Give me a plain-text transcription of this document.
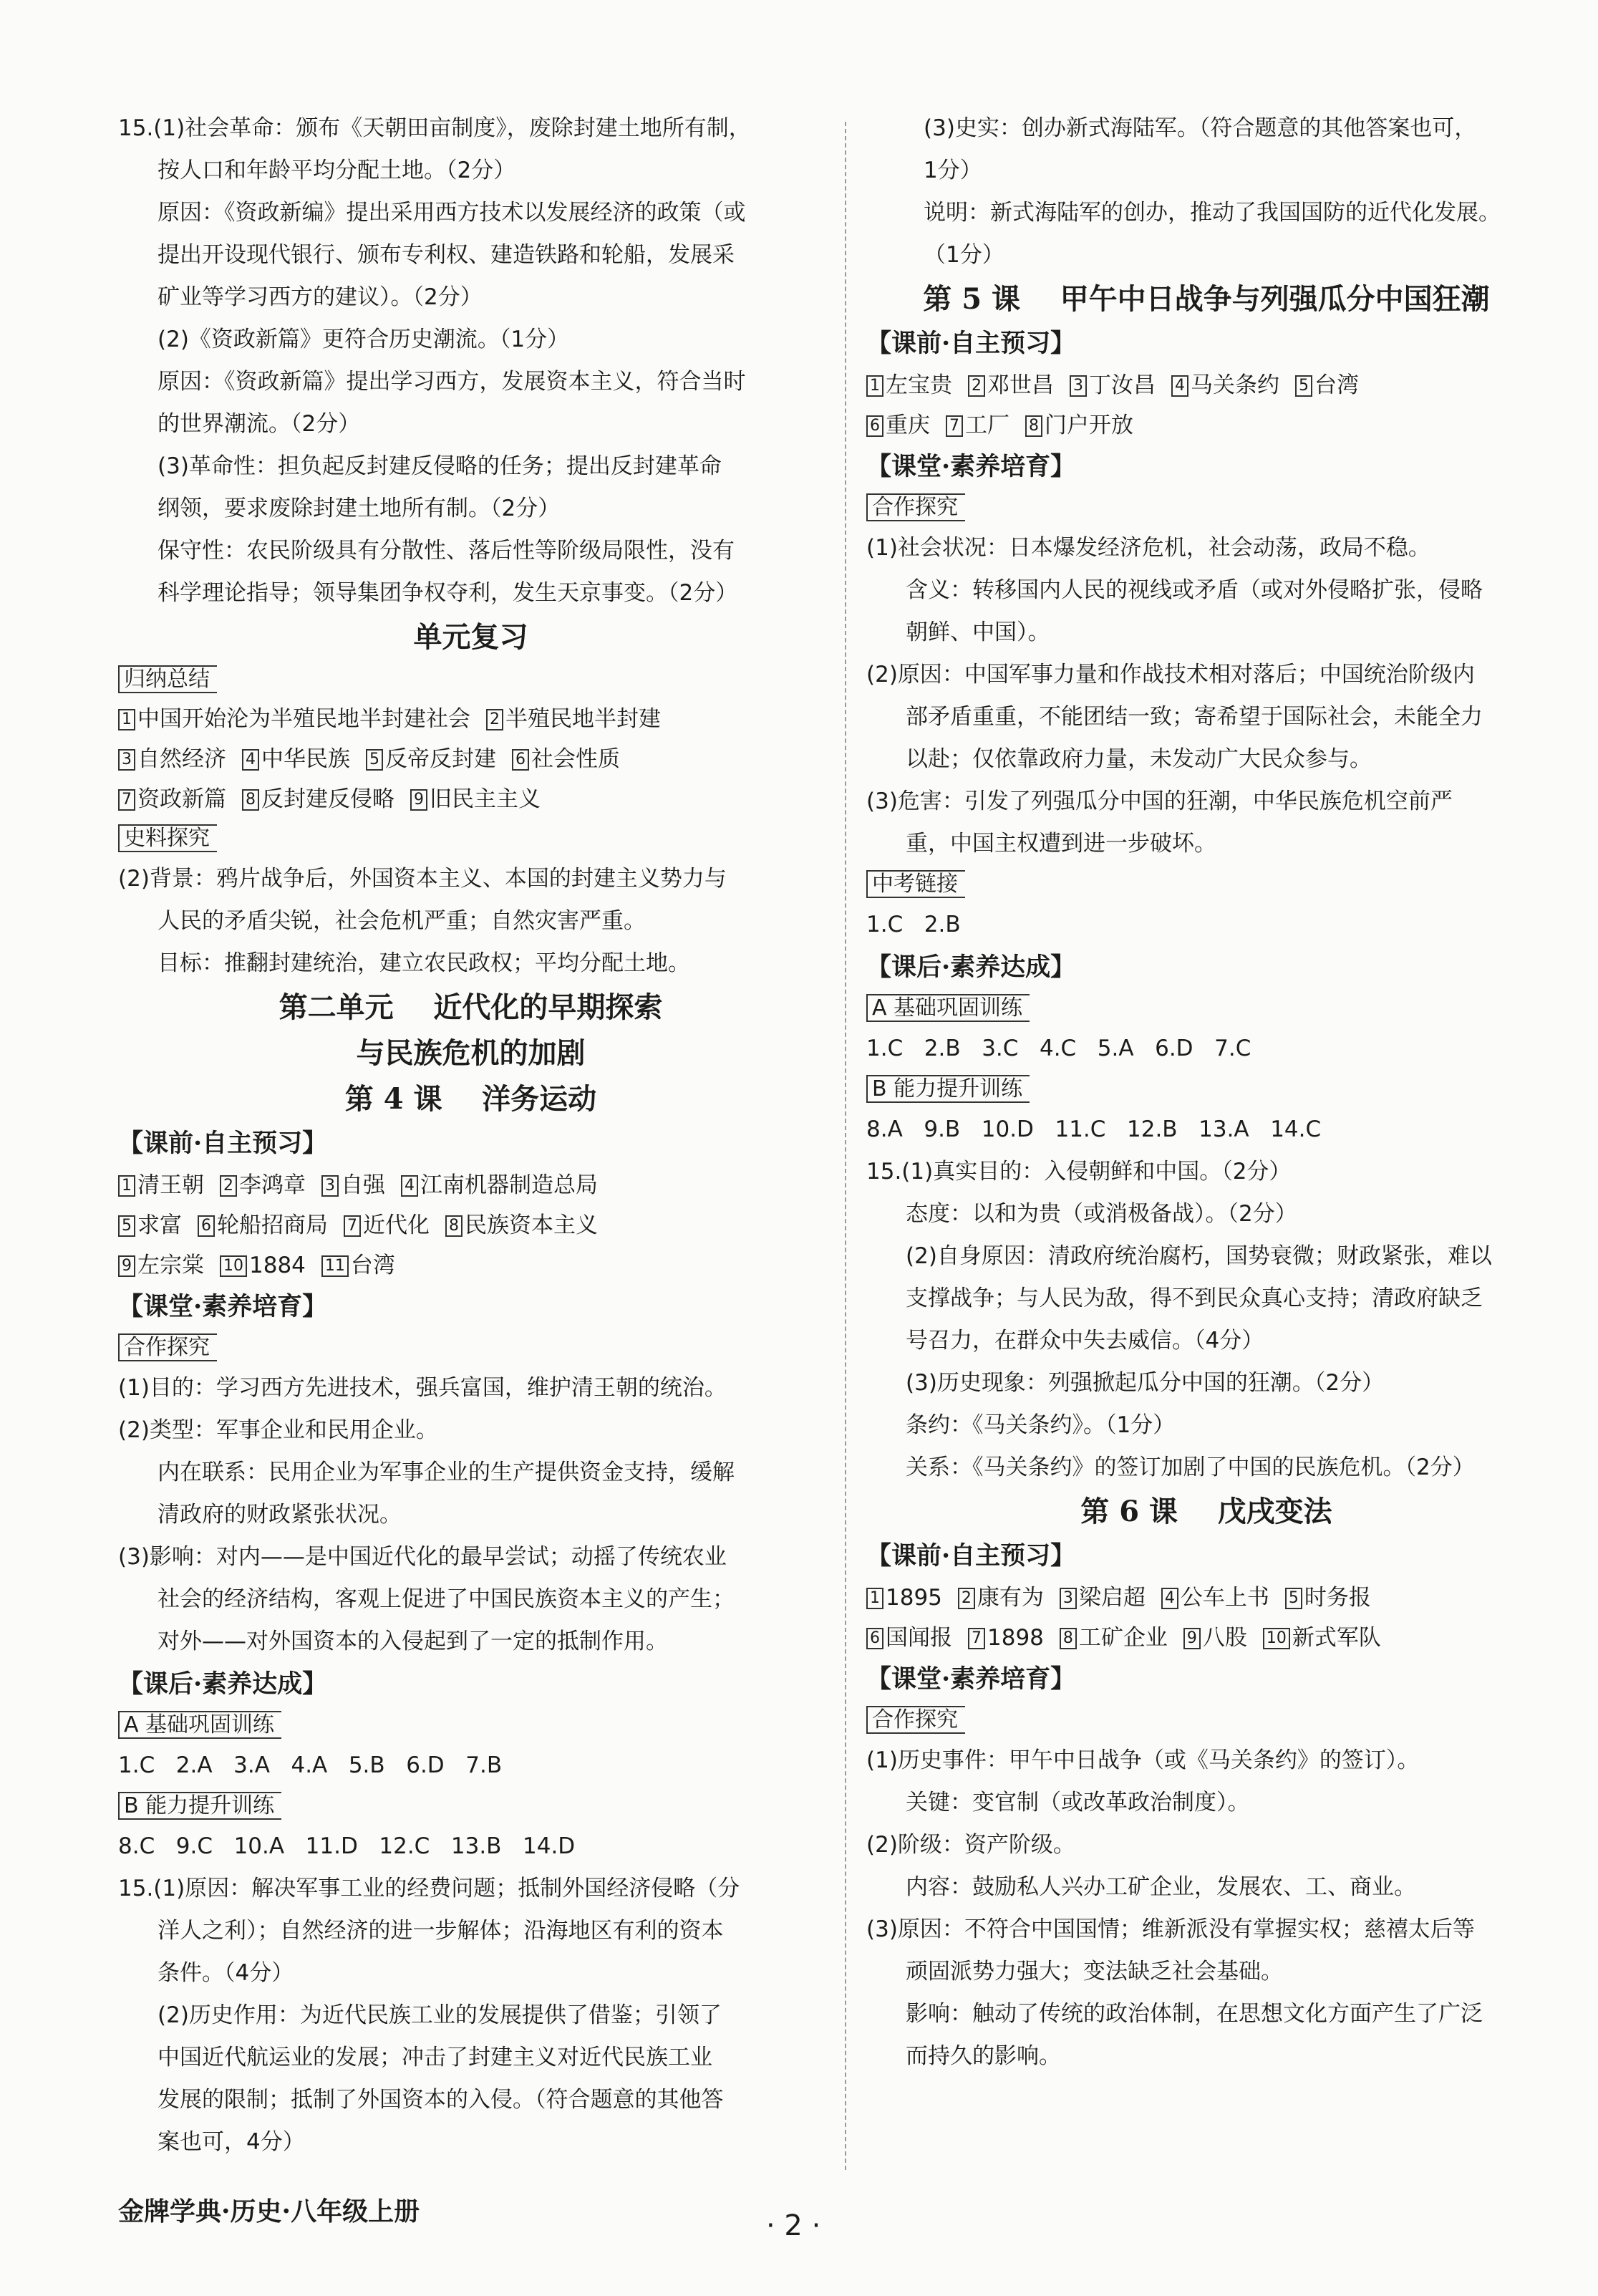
15.(1)社会革命：颁布《天朝田亩制度》，废除封建土地所有制，
按人口和年龄平均分配土地。（2分）
原因：《资政新编》提出采用西方技术以发展经济的政策（或
提出开设现代银行、颁布专利权、建造铁路和轮船，发展采
矿业等学习西方的建议）。（2分）
(2)《资政新篇》更符合历史潮流。（1分）
原因：《资政新篇》提出学习西方，发展资本主义，符合当时
的世界潮流。（2分）
(3)革命性：担负起反封建反侵略的任务；提出反封建革命
纲领，要求废除封建土地所有制。（2分）
保守性：农民阶级具有分散性、落后性等阶级局限性，没有
科学理论指导；领导集团争权夺利，发生天京事变。（2分）
单元复习
归纳总结
1 中国开始沦为半殖民地半封建社会 2 半殖民地半封建
3 自然经济 4 中华民族 5 反帝反封建 6 社会性质
7 资政新篇 8 反封建反侵略 9 旧民主主义
史料探究
(2)背景：鸦片战争后，外国资本主义、本国的封建主义势力与
人民的矛盾尖锐，社会危机严重；自然灾害严重。
目标：推翻封建统治，建立农民政权；平均分配土地。
第二单元    近代化的早期探索
与民族危机的加剧
第 4 课    洋务运动
【课前·自主预习】
1 清王朝 2 李鸿章 3 自强 4 江南机器制造总局
5 求富 6 轮船招商局 7 近代化 8 民族资本主义
9 左宗棠 10 1884 11 台湾
【课堂·素养培育】
合作探究
(1)目的：学习西方先进技术，强兵富国，维护清王朝的统治。
(2)类型：军事企业和民用企业。
内在联系：民用企业为军事企业的生产提供资金支持，缓解
清政府的财政紧张状况。
(3)影响：对内——是中国近代化的最早尝试；动摇了传统农业
社会的经济结构，客观上促进了中国民族资本主义的产生；
对外——对外国资本的入侵起到了一定的抵制作用。
【课后·素养达成】
A 基础巩固训练
1.C   2.A   3.A   4.A   5.B   6.D   7.B
B 能力提升训练
8.C   9.C   10.A   11.D   12.C   13.B   14.D
15.(1)原因：解决军事工业的经费问题；抵制外国经济侵略（分
洋人之利）；自然经济的进一步解体；沿海地区有利的资本
条件。（4分）
(2)历史作用：为近代民族工业的发展提供了借鉴；引领了
中国近代航运业的发展；冲击了封建主义对近代民族工业
发展的限制；抵制了外国资本的入侵。（符合题意的其他答
案也可，4分）
(3)史实：创办新式海陆军。（符合题意的其他答案也可，
1分）
说明：新式海陆军的创办，推动了我国国防的近代化发展。
（1分）
第 5 课    甲午中日战争与列强瓜分中国狂潮
【课前·自主预习】
1 左宝贵 2 邓世昌 3 丁汝昌 4 马关条约 5 台湾
6 重庆 7 工厂 8 门户开放
【课堂·素养培育】
合作探究
(1)社会状况：日本爆发经济危机，社会动荡，政局不稳。
含义：转移国内人民的视线或矛盾（或对外侵略扩张，侵略
朝鲜、中国）。
(2)原因：中国军事力量和作战技术相对落后；中国统治阶级内
部矛盾重重，不能团结一致；寄希望于国际社会，未能全力
以赴；仅依靠政府力量，未发动广大民众参与。
(3)危害：引发了列强瓜分中国的狂潮，中华民族危机空前严
重，中国主权遭到进一步破坏。
中考链接
1.C   2.B
【课后·素养达成】
A 基础巩固训练
1.C   2.B   3.C   4.C   5.A   6.D   7.C
B 能力提升训练
8.A   9.B   10.D   11.C   12.B   13.A   14.C
15.(1)真实目的：入侵朝鲜和中国。（2分）
态度：以和为贵（或消极备战）。（2分）
(2)自身原因：清政府统治腐朽，国势衰微；财政紧张，难以
支撑战争；与人民为敌，得不到民众真心支持；清政府缺乏
号召力，在群众中失去威信。（4分）
(3)历史现象：列强掀起瓜分中国的狂潮。（2分）
条约：《马关条约》。（1分）
关系：《马关条约》的签订加剧了中国的民族危机。（2分）
第 6 课    戊戌变法
【课前·自主预习】
1 1895 2 康有为 3 梁启超 4 公车上书 5 时务报
6 国闻报 7 1898 8 工矿企业 9 八股 10 新式军队
【课堂·素养培育】
合作探究
(1)历史事件：甲午中日战争（或《马关条约》的签订）。
关键：变官制（或改革政治制度）。
(2)阶级：资产阶级。
内容：鼓励私人兴办工矿企业，发展农、工、商业。
(3)原因：不符合中国国情；维新派没有掌握实权；慈禧太后等
顽固派势力强大；变法缺乏社会基础。
影响：触动了传统的政治体制，在思想文化方面产生了广泛
而持久的影响。
金牌学典·历史·八年级上册	· 2 ·
